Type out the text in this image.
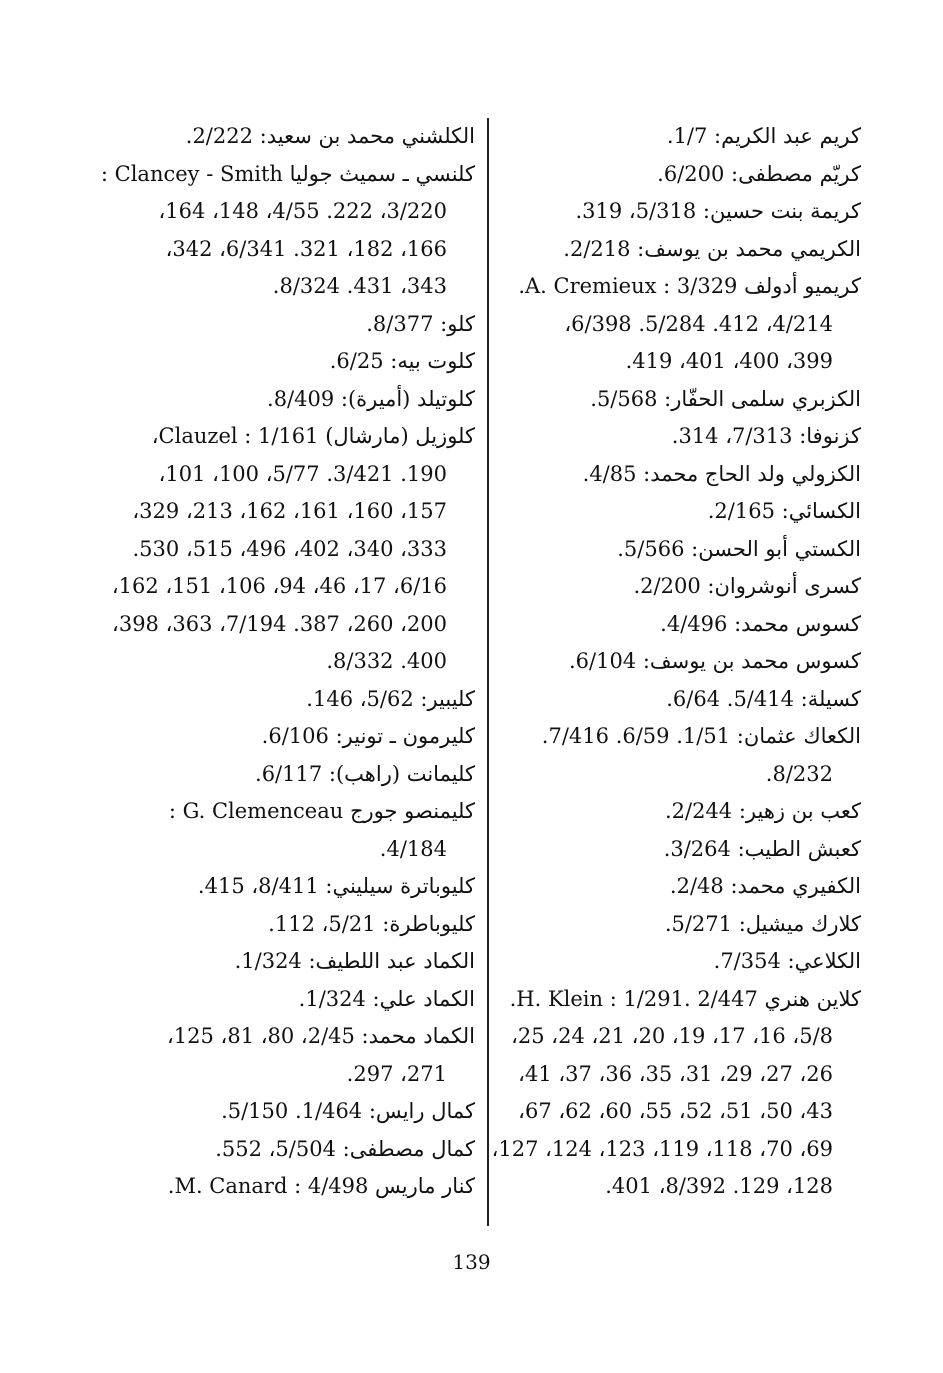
كريم عبد الكريم: 1/7.
كريّم مصطفى: 6/200.
كريمة بنت حسين: 5/318، 319.
الكريمي محمد بن يوسف: 2/218.
كريميو أدولف A. Cremieux : 3/329.
4/214، 412. 5/284. 6/398،
399، 400، 401، 419.
الكزبري سلمى الحفّار: 5/568.
كزنوفا: 7/313، 314.
الكزولي ولد الحاج محمد: 4/85.
الكسائي: 2/165.
الكستي أبو الحسن: 5/566.
كسرى أنوشروان: 2/200.
كسوس محمد: 4/496.
كسوس محمد بن يوسف: 6/104.
كسيلة: 5/414. 6/64.
الكعاك عثمان: 1/51. 6/59. 7/416.
8/232.
كعب بن زهير: 2/244.
كعبش الطيب: 3/264.
الكفيري محمد: 2/48.
كلارك ميشيل: 5/271.
الكلاعي: 7/354.
كلاين هنري H. Klein : 1/291. 2/447.
5/8، 16، 17، 19، 20، 21، 24، 25،
26، 27، 29، 31، 35، 36، 37، 41،
43، 50، 51، 52، 55، 60، 62، 67،
69، 70، 118، 119، 123، 124، 127،
128، 129. 8/392، 401.
الكلشني محمد بن سعيد: 2/222.
كلنسي ـ سميث جوليا Clancey - Smith :
3/220، 222. 4/55، 148، 164،
166، 182، 321. 6/341، 342،
343، 431. 8/324.
كلو: 8/377.
كلوت بيه: 6/25.
كلوتيلد (أميرة): 8/409.
كلوزيل (مارشال) Clauzel : 1/161،
190. 3/421. 5/77، 100، 101،
157، 160، 161، 162، 213، 329،
333، 340، 402، 496، 515، 530.
6/16، 17، 46، 94، 106، 151، 162،
200، 260، 387. 7/194، 363، 398،
400. 8/332.
كليبير: 5/62، 146.
كليرمون ـ تونير: 6/106.
كليمانت (راهب): 6/117.
كليمنصو جورج G. Clemenceau :
4/184.
كليوباترة سيليني: 8/411، 415.
كليوباطرة: 5/21، 112.
الكماد عبد اللطيف: 1/324.
الكماد علي: 1/324.
الكماد محمد: 2/45، 80، 81، 125،
271، 297.
كمال رايس: 1/464. 5/150.
كمال مصطفى: 5/504، 552.
كنار ماريس M. Canard : 4/498.
139
